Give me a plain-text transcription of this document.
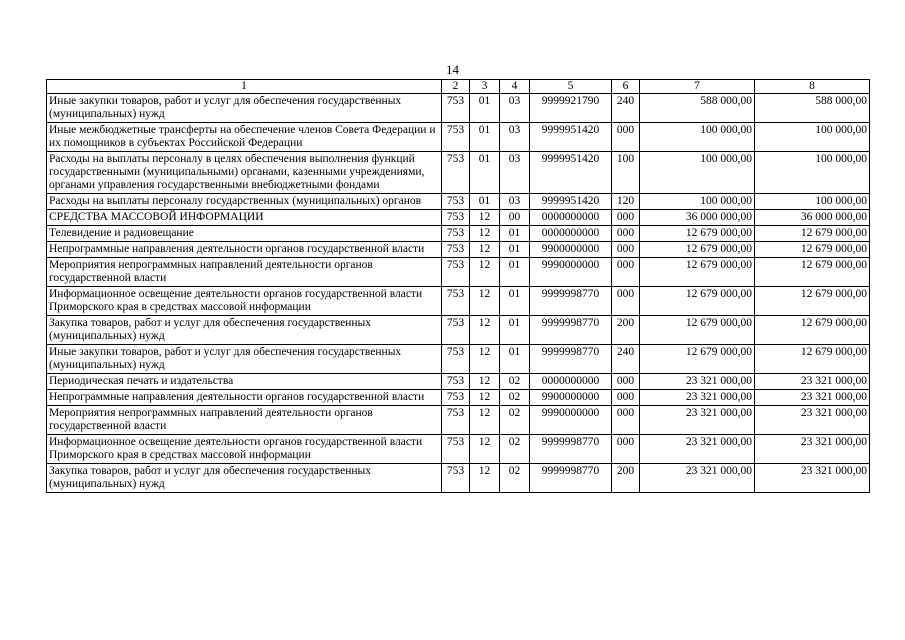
14
1	2	3	4	5	6	7	8
Иные закупки товаров, работ и услуг для обеспечения государственных (муниципальных) нужд	753	01	03	9999921790	240	588 000,00	588 000,00
Иные межбюджетные трансферты на обеспечение членов Совета Федерации и их помощников в субъектах Российской Федерации	753	01	03	9999951420	000	100 000,00	100 000,00
Расходы на выплаты персоналу в целях обеспечения выполнения функций государственными (муниципальными) органами, казенными учреждениями, органами управления государственными внебюджетными фондами	753	01	03	9999951420	100	100 000,00	100 000,00
Расходы на выплаты персоналу государственных (муниципальных) органов	753	01	03	9999951420	120	100 000,00	100 000,00
СРЕДСТВА МАССОВОЙ ИНФОРМАЦИИ	753	12	00	0000000000	000	36 000 000,00	36 000 000,00
Телевидение и радиовещание	753	12	01	0000000000	000	12 679 000,00	12 679 000,00
Непрограммные направления деятельности органов государственной власти	753	12	01	9900000000	000	12 679 000,00	12 679 000,00
Мероприятия непрограммных направлений деятельности органов государственной власти	753	12	01	9990000000	000	12 679 000,00	12 679 000,00
Информационное освещение деятельности органов государственной власти Приморского края в средствах массовой информации	753	12	01	9999998770	000	12 679 000,00	12 679 000,00
Закупка товаров, работ и услуг для обеспечения государственных (муниципальных) нужд	753	12	01	9999998770	200	12 679 000,00	12 679 000,00
Иные закупки товаров, работ и услуг для обеспечения государственных (муниципальных) нужд	753	12	01	9999998770	240	12 679 000,00	12 679 000,00
Периодическая печать и издательства	753	12	02	0000000000	000	23 321 000,00	23 321 000,00
Непрограммные направления деятельности органов государственной власти	753	12	02	9900000000	000	23 321 000,00	23 321 000,00
Мероприятия непрограммных направлений деятельности органов государственной власти	753	12	02	9990000000	000	23 321 000,00	23 321 000,00
Информационное освещение деятельности органов государственной власти Приморского края в средствах массовой информации	753	12	02	9999998770	000	23 321 000,00	23 321 000,00
Закупка товаров, работ и услуг для обеспечения государственных (муниципальных) нужд	753	12	02	9999998770	200	23 321 000,00	23 321 000,00
